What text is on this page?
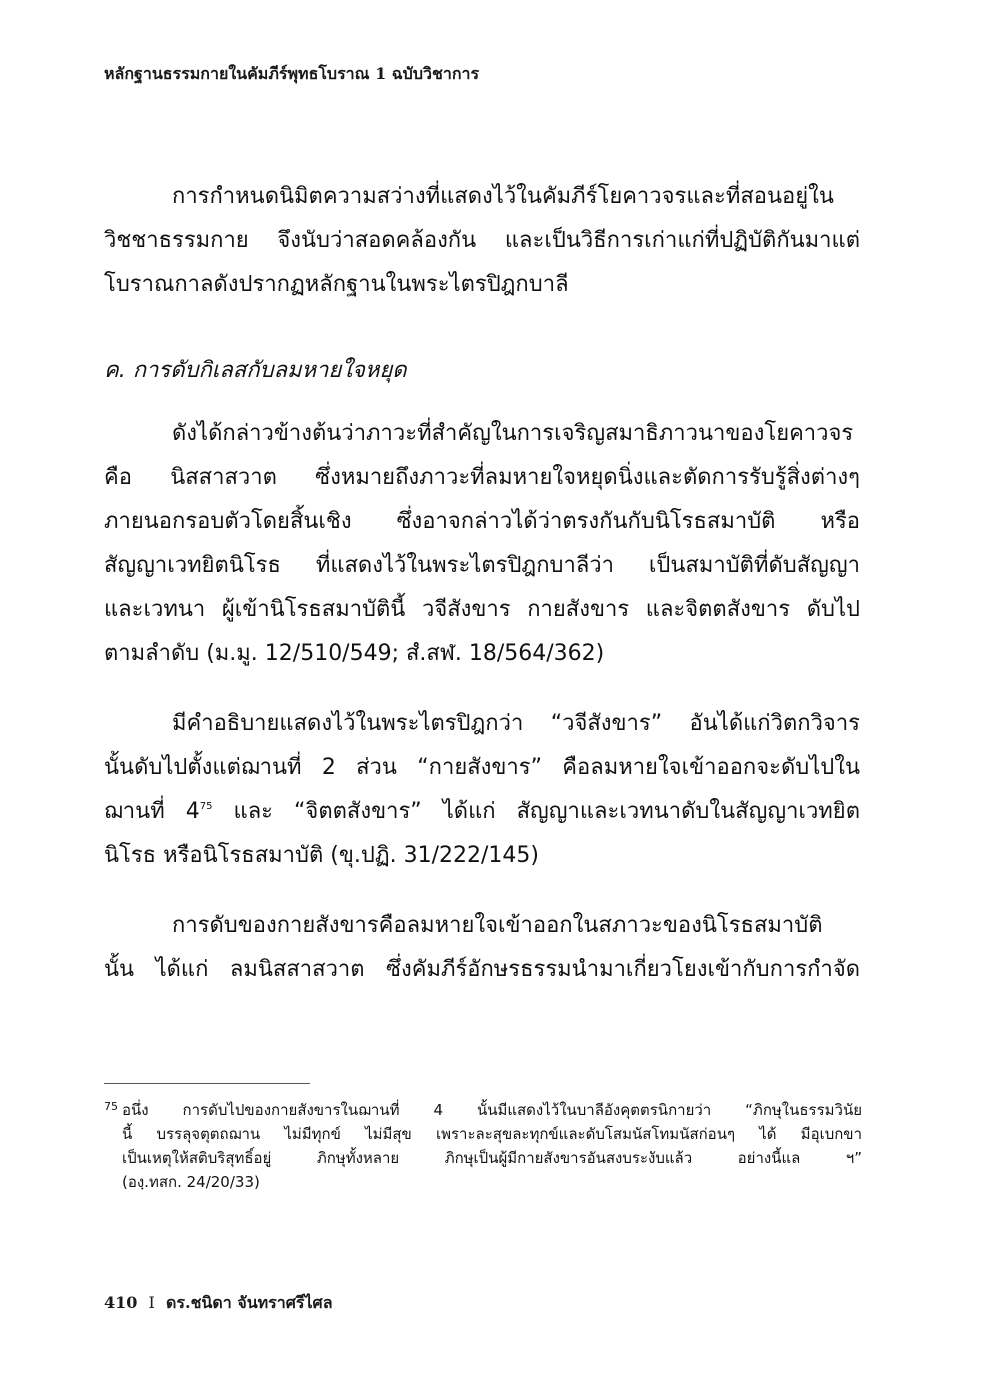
หลักฐานธรรมกายในคัมภีร์พุทธโบราณ 1 ฉบับวิชาการ
การกำหนดนิมิตความสว่างที่แสดงไว้ในคัมภีร์โยคาวจรและที่สอนอยู่ใน
วิชชาธรรมกาย จึงนับว่าสอดคล้องกัน และเป็นวิธีการเก่าแก่ที่ปฏิบัติกันมาแต่
โบราณกาลดังปรากฏหลักฐานในพระไตรปิฎกบาลี
ค. การดับกิเลสกับลมหายใจหยุด
ดังได้กล่าวข้างต้นว่าภาวะที่สำคัญในการเจริญสมาธิภาวนาของโยคาวจร
คือ นิสสาสวาต ซึ่งหมายถึงภาวะที่ลมหายใจหยุดนิ่งและตัดการรับรู้สิ่งต่างๆ
ภายนอกรอบตัวโดยสิ้นเชิง ซึ่งอาจกล่าวได้ว่าตรงกันกับนิโรธสมาบัติ หรือ
สัญญาเวทยิตนิโรธ ที่แสดงไว้ในพระไตรปิฎกบาลีว่า เป็นสมาบัติที่ดับสัญญา
และเวทนา ผู้เข้านิโรธสมาบัตินี้ วจีสังขาร กายสังขาร และจิตตสังขาร ดับไป
ตามลำดับ (ม.มู. 12/510/549; สํ.สฬ. 18/564/362)
มีคำอธิบายแสดงไว้ในพระไตรปิฎกว่า “วจีสังขาร” อันได้แก่วิตกวิจาร
นั้นดับไปตั้งแต่ฌานที่ 2 ส่วน “กายสังขาร” คือลมหายใจเข้าออกจะดับไปใน
ฌานที่ 4$^{75}$ และ “จิตตสังขาร” ได้แก่ สัญญาและเวทนาดับในสัญญาเวทยิต
นิโรธ หรือนิโรธสมาบัติ (ขุ.ปฏิ. 31/222/145)
การดับของกายสังขารคือลมหายใจเข้าออกในสภาวะของนิโรธสมาบัติ
นั้น ได้แก่ ลมนิสสาสวาต ซึ่งคัมภีร์อักษรธรรมนำมาเกี่ยวโยงเข้ากับการกำจัด
75 อนึ่ง การดับไปของกายสังขารในฌานที่ 4 นั้นมีแสดงไว้ในบาลีอังคุตตรนิกายว่า “ภิกษุในธรรมวินัย
นี้ บรรลุจตุตถฌาน ไม่มีทุกข์ ไม่มีสุข เพราะละสุขละทุกข์และดับโสมนัสโทมนัสก่อนๆ ได้ มีอุเบกขา
เป็นเหตุให้สติบริสุทธิ์อยู่ ภิกษุทั้งหลาย ภิกษุเป็นผู้มีกายสังขารอันสงบระงับแล้ว อย่างนี้แล ฯ”
(องฺ.ทสก. 24/20/33)
410 I ดร.ชนิดา จันทราศรีไศล
